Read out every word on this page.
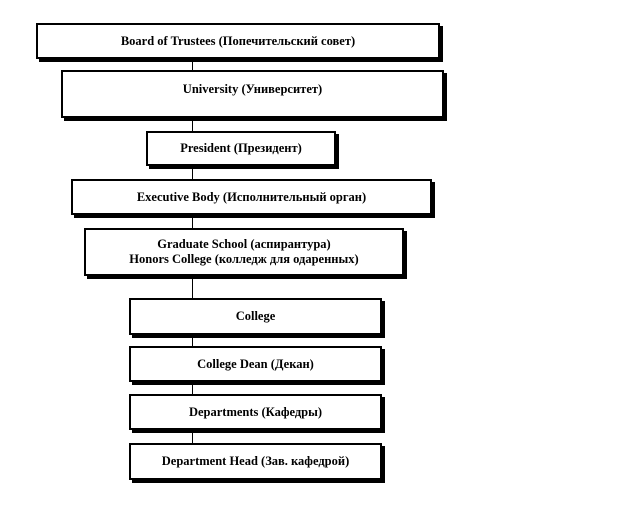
Board of Trustees (Попечительский совет)
University (Университет)
President (Президент)
Executive Body (Исполнительный орган)
Graduate School (аспирантура)
Honors College (колледж для одаренных)
College
College Dean (Декан)
Departments (Кафедры)
Department Head (Зав. кафедрой)
